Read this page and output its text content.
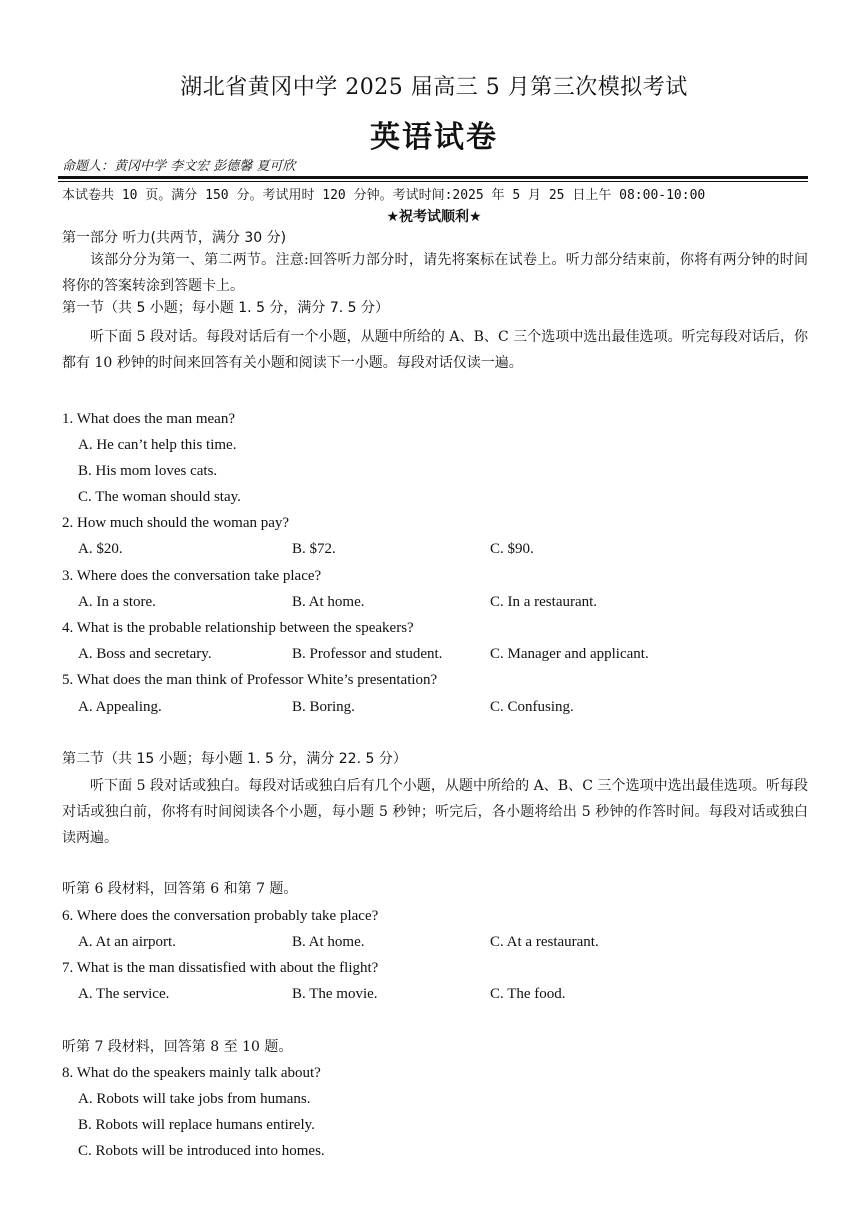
湖北省黄冈中学 2025 届高三 5 月第三次模拟考试
英语试卷
命题人：黄冈中学 李文宏 彭德馨 夏可欣
本试卷共 10 页。满分 150 分。考试用时 120 分钟。考试时间:2025 年 5 月 25 日上午 08:00-10:00
★祝考试顺利★
第一部分 听力(共两节，满分 30 分)
该部分分为第一、第二两节。注意:回答听力部分时，请先将案标在试卷上。听力部分结束前，你将有两分钟的时间将你的答案转涂到答题卡上。
第一节（共 5 小题；每小题 1. 5 分，满分 7. 5 分）
听下面 5 段对话。每段对话后有一个小题，从题中所给的 A、B、C 三个选项中选出最佳选项。听完每段对话后，你都有 10 秒钟的时间来回答有关小题和阅读下一小题。每段对话仅读一遍。
1. What does the man mean?
A. He can’t help this time.
B. His mom loves cats.
C. The woman should stay.
2. How much should the woman pay?
A. $20.	B. $72.	C. $90.
3. Where does the conversation take place?
A. In a store.	B. At home.	C. In a restaurant.
4. What is the probable relationship between the speakers?
A. Boss and secretary.	B. Professor and student.	C. Manager and applicant.
5. What does the man think of Professor White’s presentation?
A. Appealing.	B. Boring.	C. Confusing.
第二节（共 15 小题；每小题 1. 5 分，满分 22. 5 分）
听下面 5 段对话或独白。每段对话或独白后有几个小题，从题中所给的 A、B、C 三个选项中选出最佳选项。听每段对话或独白前，你将有时间阅读各个小题，每小题 5 秒钟；听完后，各小题将给出 5 秒钟的作答时间。每段对话或独白读两遍。
听第 6 段材料，回答第 6 和第 7 题。
6. Where does the conversation probably take place?
A. At an airport.	B. At home.	C. At a restaurant.
7. What is the man dissatisfied with about the flight?
A. The service.	B. The movie.	C. The food.
听第 7 段材料，回答第 8 至 10 题。
8. What do the speakers mainly talk about?
A. Robots will take jobs from humans.
B. Robots will replace humans entirely.
C. Robots will be introduced into homes.
